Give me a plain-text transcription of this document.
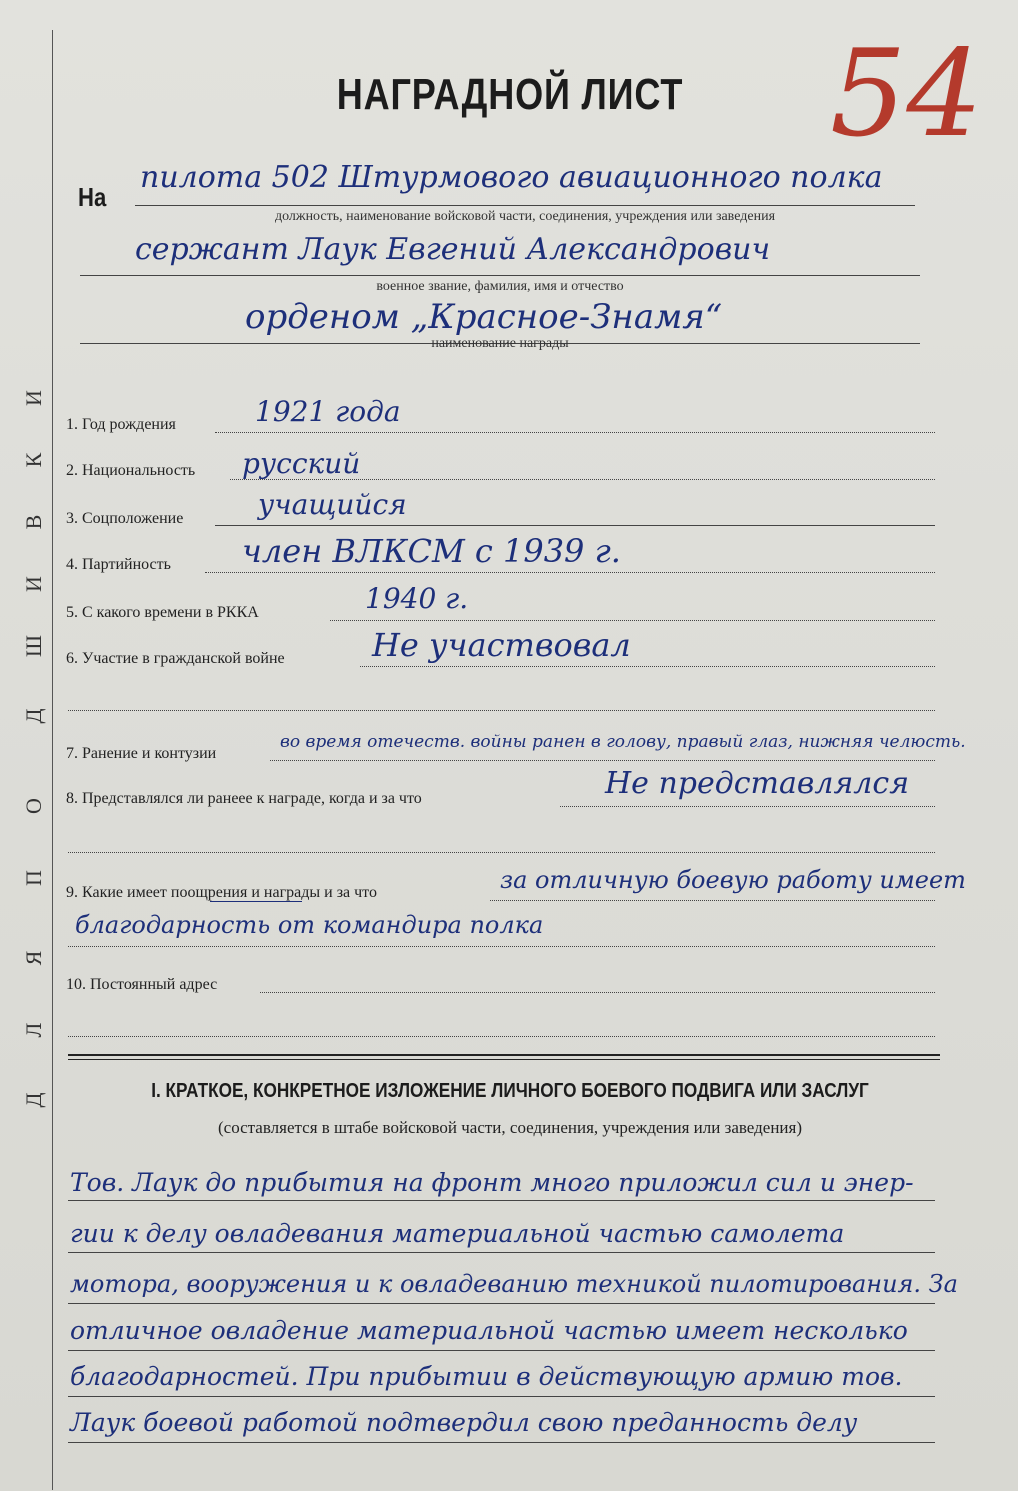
И
К
В
И
Ш
Д
О
П
Я
Л
Д
НАГРАДНОЙ ЛИСТ	54
На
пилота 502 Штурмового авиационного полка
должность, наименование войсковой части, соединения, учреждения или заведения
сержант Лаук Евгений Александрович
военное звание, фамилия, имя и отчество
орденом „Красное-Знамя“
наименование награды
1. Год рождения	1921 года
2. Национальность русский
3. Соцположение	учащийся
4. Партийность член ВЛКСМ с 1939 г.
5. С какого времени в РККА	1940 г.
6. Участие в гражданской войне	Не участвовал
7. Ранение и контузии
во время отечеств. войны ранен в голову, правый глаз, нижняя челюсть.
8. Представлялся ли ранеее к награде, когда и за что	Не представлялся
9. Какие имеет поощрения и награды и за что	за отличную боевую работу имеет
благодарность от командира полка
10. Постоянный адрес
I. КРАТКОЕ, КОНКРЕТНОЕ ИЗЛОЖЕНИЕ ЛИЧНОГО БОЕВОГО ПОДВИГА ИЛИ ЗАСЛУГ
(составляется в штабе войсковой части, соединения, учреждения или заведения)
Тов. Лаук до прибытия на фронт много приложил сил и энер-
гии к делу овладевания материальной частью самолета
мотора, вооружения и к овладеванию техникой пилотирования. За
отличное овладение материальной частью имеет несколько
благодарностей. При прибытии в действующую армию тов.
Лаук боевой работой подтвердил свою преданность делу
